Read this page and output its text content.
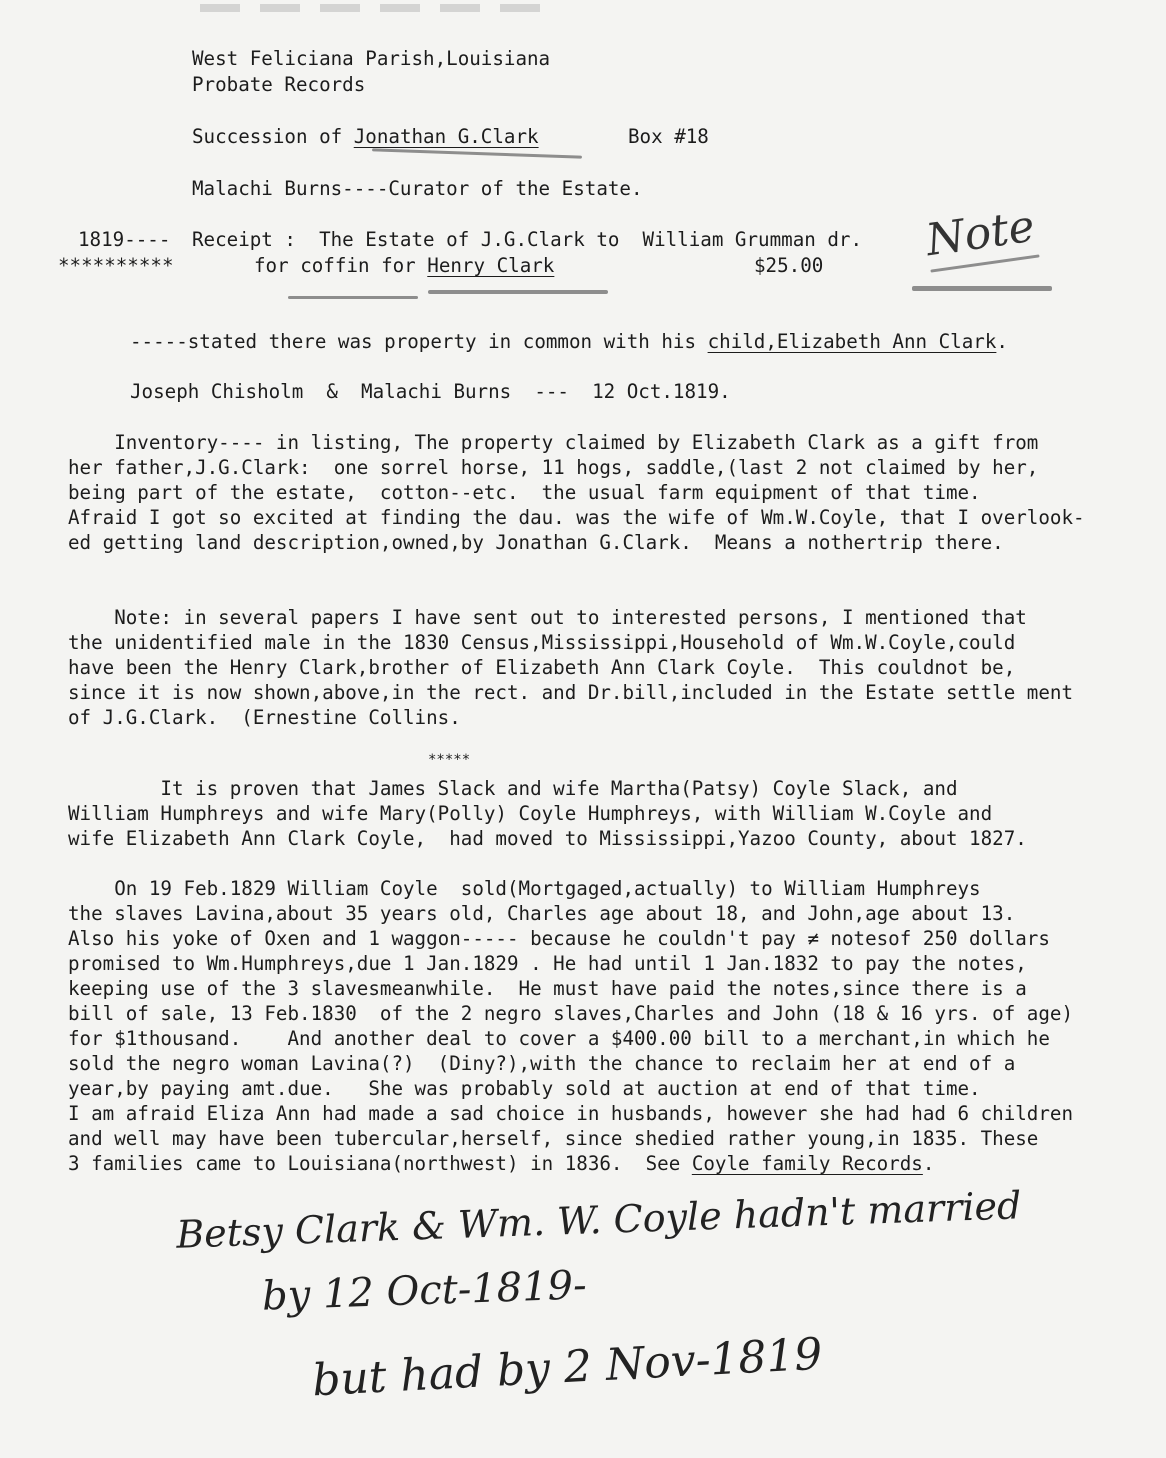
West Feliciana Parish,Louisiana
Probate Records
Succession of Jonathan G.Clark	Box #18
Malachi Burns----Curator of the Estate.
1819---- Receipt :  The Estate of J.G.Clark to  William Grumman dr. Note
**********	for coffin for Henry Clark	$25.00
-----stated there was property in common with his child,Elizabeth Ann Clark.
Joseph Chisholm  &  Malachi Burns  ---  12 Oct.1819.
Inventory---- in listing, The property claimed by Elizabeth Clark as a gift from
her father,J.G.Clark:  one sorrel horse, 11 hogs, saddle,(last 2 not claimed by her,
being part of the estate,  cotton--etc.  the usual farm equipment of that time.
Afraid I got so excited at finding the dau. was the wife of Wm.W.Coyle, that I overlook-
ed getting land description,owned,by Jonathan G.Clark.  Means a nothertrip there.
Note: in several papers I have sent out to interested persons, I mentioned that
the unidentified male in the 1830 Census,Mississippi,Household of Wm.W.Coyle,could
have been the Henry Clark,brother of Elizabeth Ann Clark Coyle.  This couldnot be,
since it is now shown,above,in the rect. and Dr.bill,included in the Estate settle ment
of J.G.Clark.  (Ernestine Collins.
*****
It is proven that James Slack and wife Martha(Patsy) Coyle Slack, and
William Humphreys and wife Mary(Polly) Coyle Humphreys, with William W.Coyle and
wife Elizabeth Ann Clark Coyle,  had moved to Mississippi,Yazoo County, about 1827.
On 19 Feb.1829 William Coyle  sold(Mortgaged,actually) to William Humphreys
the slaves Lavina,about 35 years old, Charles age about 18, and John,age about 13.
Also his yoke of Oxen and 1 waggon----- because he couldn't pay ≠ notesof 250 dollars
promised to Wm.Humphreys,due 1 Jan.1829 . He had until 1 Jan.1832 to pay the notes,
keeping use of the 3 slavesmeanwhile.  He must have paid the notes,since there is a
bill of sale, 13 Feb.1830  of the 2 negro slaves,Charles and John (18 & 16 yrs. of age)
for $1thousand.    And another deal to cover a $400.00 bill to a merchant,in which he
sold the negro woman Lavina(?)  (Diny?),with the chance to reclaim her at end of a
year,by paying amt.due.   She was probably sold at auction at end of that time.
I am afraid Eliza Ann had made a sad choice in husbands, however she had had 6 children
and well may have been tubercular,herself, since shedied rather young,in 1835. These
3 families came to Louisiana(northwest) in 1836.  See Coyle family Records.
Betsy Clark & Wm. W. Coyle hadn't married
by 12 Oct-1819-
but had by 2 Nov-1819
